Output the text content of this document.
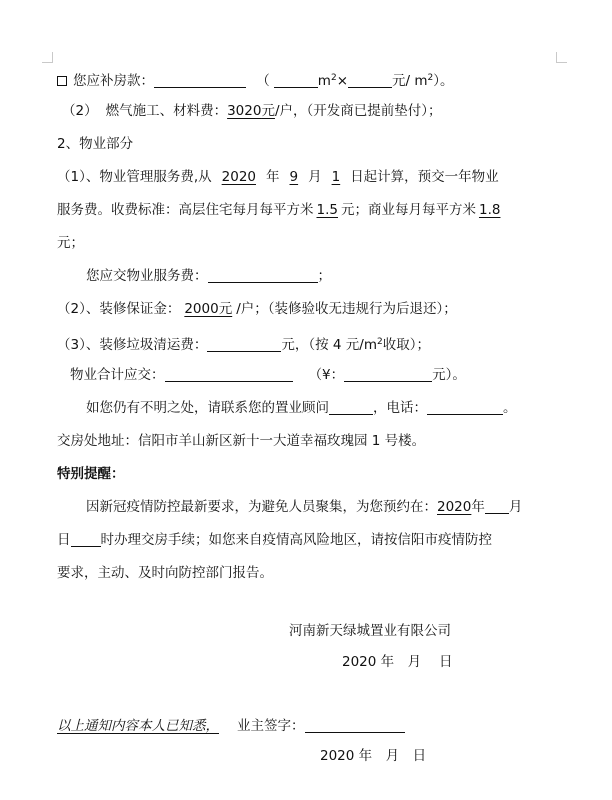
您应补房款：	（	$m^2\times$	元/ $m^2$）。
（2） 燃气施工、材料费：3020元/户，（开发商已提前垫付）；
2、物业部分
（1）、物业管理服务费,从 2020 年 9 月 1 日起计算，预交一年物业
服务费。收费标准：高层住宅每月每平方米 1.5 元；商业每月每平方米 1.8
元；
您应交物业服务费：	；
（2）、装修保证金： 2000元 /户；（装修验收无违规行为后退还）；
（3）、装修垃圾清运费：	元，（按 4 元$/m^2$收取）；
物业合计应交：	（¥：	元）。
如您仍有不明之处，请联系您的置业顾问	，电话：	。
交房处地址：信阳市羊山新区新十一大道幸福玫瑰园 1 号楼。
特别提醒：
因新冠疫情防控最新要求，为避免人员聚集，为您预约在：2020年 月
日 时办理交房手续；如您来自疫情高风险地区，请按信阳市疫情防控
要求，主动、及时向防控部门报告。
河南新天绿城置业有限公司
2020 年　月　 日
以上通知内容本人已知悉， 业主签字：
2020 年　月　日
